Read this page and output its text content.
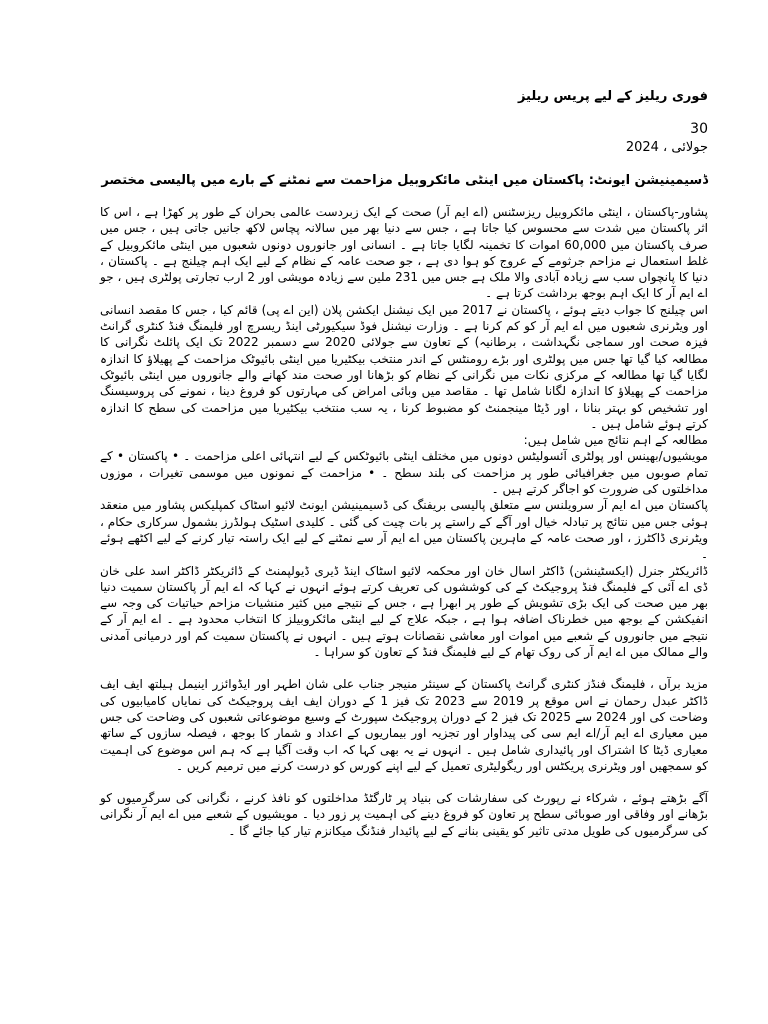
فوری ریلیز کے لیے پریس ریلیز
30
جولائی ، 2024
ڈسیمینیشن ایونٹ: پاکستان میں اینٹی مائکروبیل مزاحمت سے نمٹنے کے بارے میں پالیسی مختصر

پشاور-پاکستان ، اینٹی مائکروبیل ریزسٹنس (اے ایم آر) صحت کے ایک زبردست عالمی بحران کے طور پر کھڑا ہے ، اس کا اثر پاکستان میں شدت سے محسوس کیا جاتا ہے ، جس سے دنیا بھر میں سالانہ پچاس لاکھ جانیں جاتی ہیں ، جس میں صرف پاکستان میں 60,000 اموات کا تخمینہ لگایا جاتا ہے ۔ انسانی اور جانوروں دونوں شعبوں میں اینٹی مائکروبیل کے غلط استعمال نے مزاحم جرثومے کے عروج کو ہوا دی ہے ، جو صحت عامہ کے نظام کے لیے ایک اہم چیلنج ہے ۔ پاکستان ، دنیا کا پانچواں سب سے زیادہ آبادی والا ملک ہے جس میں 231 ملین سے زیادہ مویشی اور 2 ارب تجارتی پولٹری ہیں ، جو اے ایم آر کا ایک اہم بوجھ برداشت کرتا ہے ۔

اس چیلنج کا جواب دیتے ہوئے ، پاکستان نے 2017 میں ایک نیشنل ایکشن پلان (این اے پی) قائم کیا ، جس کا مقصد انسانی اور ویٹرنری شعبوں میں اے ایم آر کو کم کرنا ہے ۔ وزارت نیشنل فوڈ سیکیورٹی اینڈ ریسرچ اور فلیمنگ فنڈ کنٹری گرانٹ فیزہ صحت اور سماجی نگہداشت ، برطانیہ) کے تعاون سے جولائی 2020 سے دسمبر 2022 تک ایک پائلٹ نگرانی کا مطالعہ کیا گیا تھا جس میں پولٹری اور بڑے رومنٹس کے اندر منتخب بیکٹیریا میں اینٹی بائیوٹک مزاحمت کے پھیلاؤ کا اندازہ لگایا گیا تھا مطالعہ کے مرکزی نکات میں نگرانی کے نظام کو بڑھانا اور صحت مند کھانے والے جانوروں میں اینٹی بائیوٹک مزاحمت کے پھیلاؤ کا اندازہ لگانا شامل تھا ۔ مقاصد میں وبائی امراض کی مہارتوں کو فروغ دینا ، نمونے کی پروسیسنگ اور تشخیص کو بہتر بنانا ، اور ڈیٹا مینجمنٹ کو مضبوط کرنا ، یہ سب منتخب بیکٹیریا میں مزاحمت کی سطح کا اندازہ کرتے ہوئے شامل ہیں ۔

مطالعہ کے اہم نتائج میں شامل ہیں:

مویشیوں/بھینس اور پولٹری آئسولیٹس دونوں میں مختلف اینٹی بائیوٹکس کے لیے انتہائی اعلی مزاحمت ۔ • پاکستان • کے تمام صوبوں میں جغرافیائی طور پر مزاحمت کی بلند سطح ۔ • مزاحمت کے نمونوں میں موسمی تغیرات ، موزوں مداخلتوں کی ضرورت کو اجاگر کرتے ہیں ۔

پاکستان میں اے ایم آر سرویلنس سے متعلق پالیسی بریفنگ کی ڈسیمینیشن ایونٹ لائیو اسٹاک کمپلیکس پشاور میں منعقد ہوئی جس میں نتائج پر تبادلہ خیال اور آگے کے راستے پر بات چیت کی گئی ۔ کلیدی اسٹیک ہولڈرز بشمول سرکاری حکام ، ویٹرنری ڈاکٹرز ، اور صحت عامہ کے ماہرین پاکستان میں اے ایم آر سے نمٹنے کے لیے ایک راستہ تیار کرنے کے لیے اکٹھے ہوئے ۔

ڈائریکٹر جنرل (ایکسٹینشن) ڈاکٹر اسال خان اور محکمہ لائیو اسٹاک اینڈ ڈیری ڈیولپمنٹ کے ڈائریکٹر ڈاکٹر اسد علی خان ڈی اے آئی کے فلیمنگ فنڈ پروجیکٹ کے کی کوششوں کی تعریف کرتے ہوئے انہوں نے کہا کہ اے ایم آر پاکستان سمیت دنیا بھر میں صحت کی ایک بڑی تشویش کے طور پر ابھرا ہے ، جس کے نتیجے میں کثیر منشیات مزاحم حیاتیات کی وجہ سے انفیکشن کے بوجھ میں خطرناک اضافہ ہوا ہے ، جبکہ علاج کے لیے اینٹی مائکروبیلز کا انتخاب محدود ہے ۔ اے ایم آر کے نتیجے میں جانوروں کے شعبے میں اموات اور معاشی نقصانات ہوتے ہیں ۔ انہوں نے پاکستان سمیت کم اور درمیانی آمدنی والے ممالک میں اے ایم آر کی روک تھام کے لیے فلیمنگ فنڈ کے تعاون کو سراہا ۔

مزید برآں ، فلیمنگ فنڈز کنٹری گرانٹ پاکستان کے سینئر منیجر جناب علی شان اطہر اور ایڈوائزر اینیمل ہیلتھ ایف ایف ڈاکٹر عبدل رحمان نے اس موقع پر 2019 سے 2023 تک فیز 1 کے دوران ایف ایف پروجیکٹ کی نمایاں کامیابیوں کی وضاحت کی اور 2024 سے 2025 تک فیز 2 کے دوران پروجیکٹ سپورٹ کے وسیع موضوعاتی شعبوں کی وضاحت کی جس میں معیاری اے ایم آر/اے ایم سی کی پیداوار اور تجزیہ اور بیماریوں کے اعداد و شمار کا بوجھ ، فیصلہ سازوں کے ساتھ معیاری ڈیٹا کا اشتراک اور پائیداری شامل ہیں ۔ انہوں نے یہ بھی کہا کہ اب وقت آگیا ہے کہ ہم اس موضوع کی اہمیت کو سمجھیں اور ویٹرنری پریکٹس اور ریگولیٹری تعمیل کے لیے اپنے کورس کو درست کرنے میں ترمیم کریں ۔

آگے بڑھتے ہوئے ، شرکاء نے رپورٹ کی سفارشات کی بنیاد پر ٹارگٹڈ مداخلتوں کو نافذ کرنے ، نگرانی کی سرگرمیوں کو بڑھانے اور وفاقی اور صوبائی سطح پر تعاون کو فروغ دینے کی اہمیت پر زور دیا ۔ مویشیوں کے شعبے میں اے ایم آر نگرانی کی سرگرمیوں کی طویل مدتی تاثیر کو یقینی بنانے کے لیے پائیدار فنڈنگ میکانزم تیار کیا جائے گا ۔
